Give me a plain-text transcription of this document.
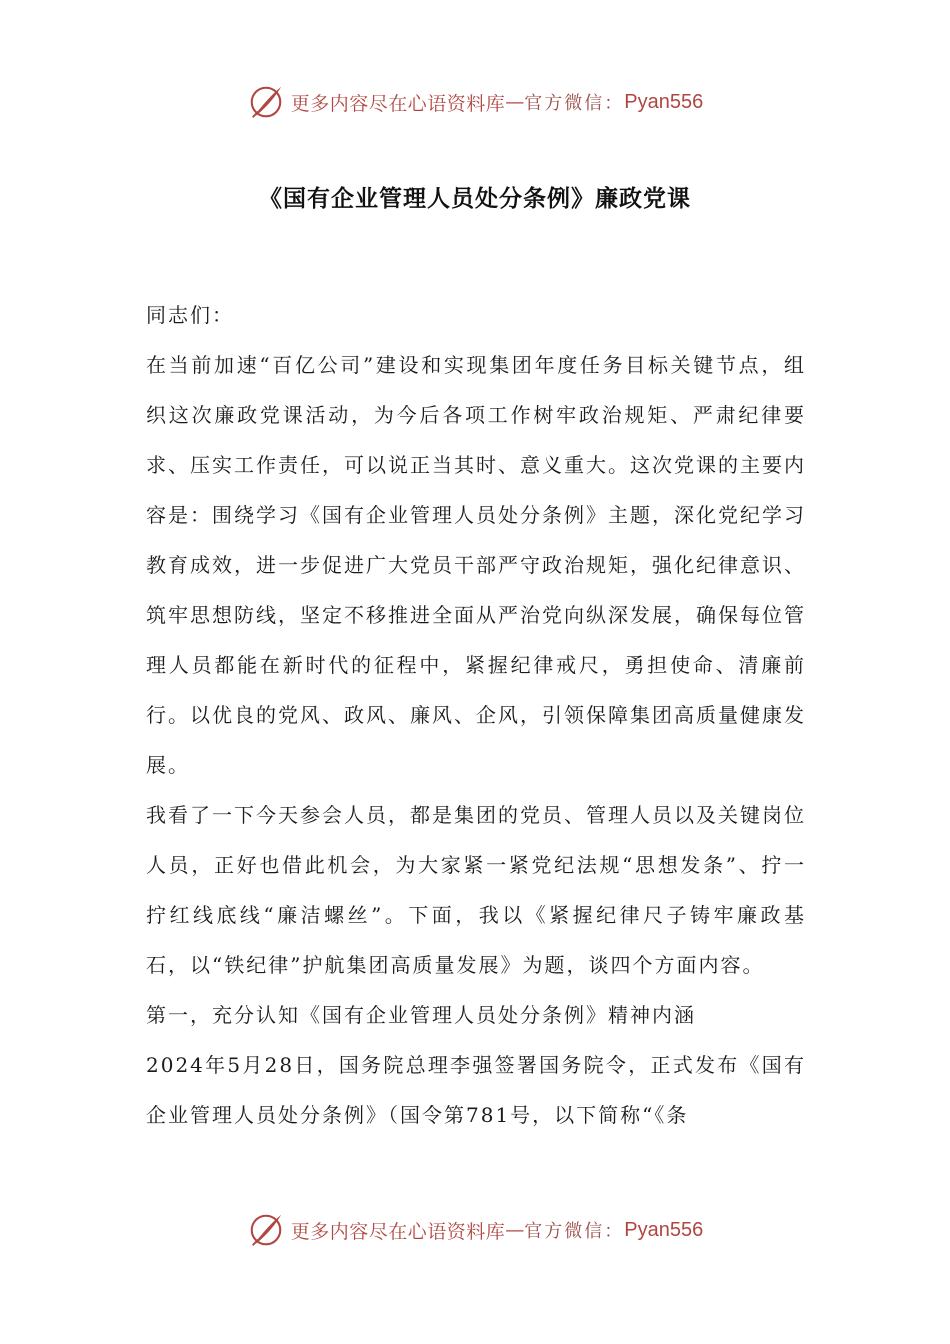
更多内容尽在心语资料库 — 官方微信： Pyan556
《国有企业管理人员处分条例》廉政党课

同志们：

在当前加速“百亿公司”建设和实现集团年度任务目标关键节点，组织这次廉政党课活动，为今后各项工作树牢政治规矩、严肃纪律要求、压实工作责任，可以说正当其时、意义重大。这次党课的主要内容是：围绕学习《国有企业管理人员处分条例》主题，深化党纪学习教育成效，进一步促进广大党员干部严守政治规矩，强化纪律意识、筑牢思想防线，坚定不移推进全面从严治党向纵深发展，确保每位管理人员都能在新时代的征程中，紧握纪律戒尺，勇担使命、清廉前行。以优良的党风、政风、廉风、企风，引领保障集团高质量健康发展。

我看了一下今天参会人员，都是集团的党员、管理人员以及关键岗位人员，正好也借此机会，为大家紧一紧党纪法规“思想发条”、拧一拧红线底线“廉洁螺丝”。下面，我以《紧握纪律尺子铸牢廉政基石，以“铁纪律”护航集团高质量发展》为题，谈四个方面内容。

第一，充分认知《国有企业管理人员处分条例》精神内涵

2024年5月28日，国务院总理李强签署国务院令，正式发布《国有企业管理人员处分条例》（国令第781号，以下简称“《条

更多内容尽在心语资料库 — 官方微信： Pyan556
